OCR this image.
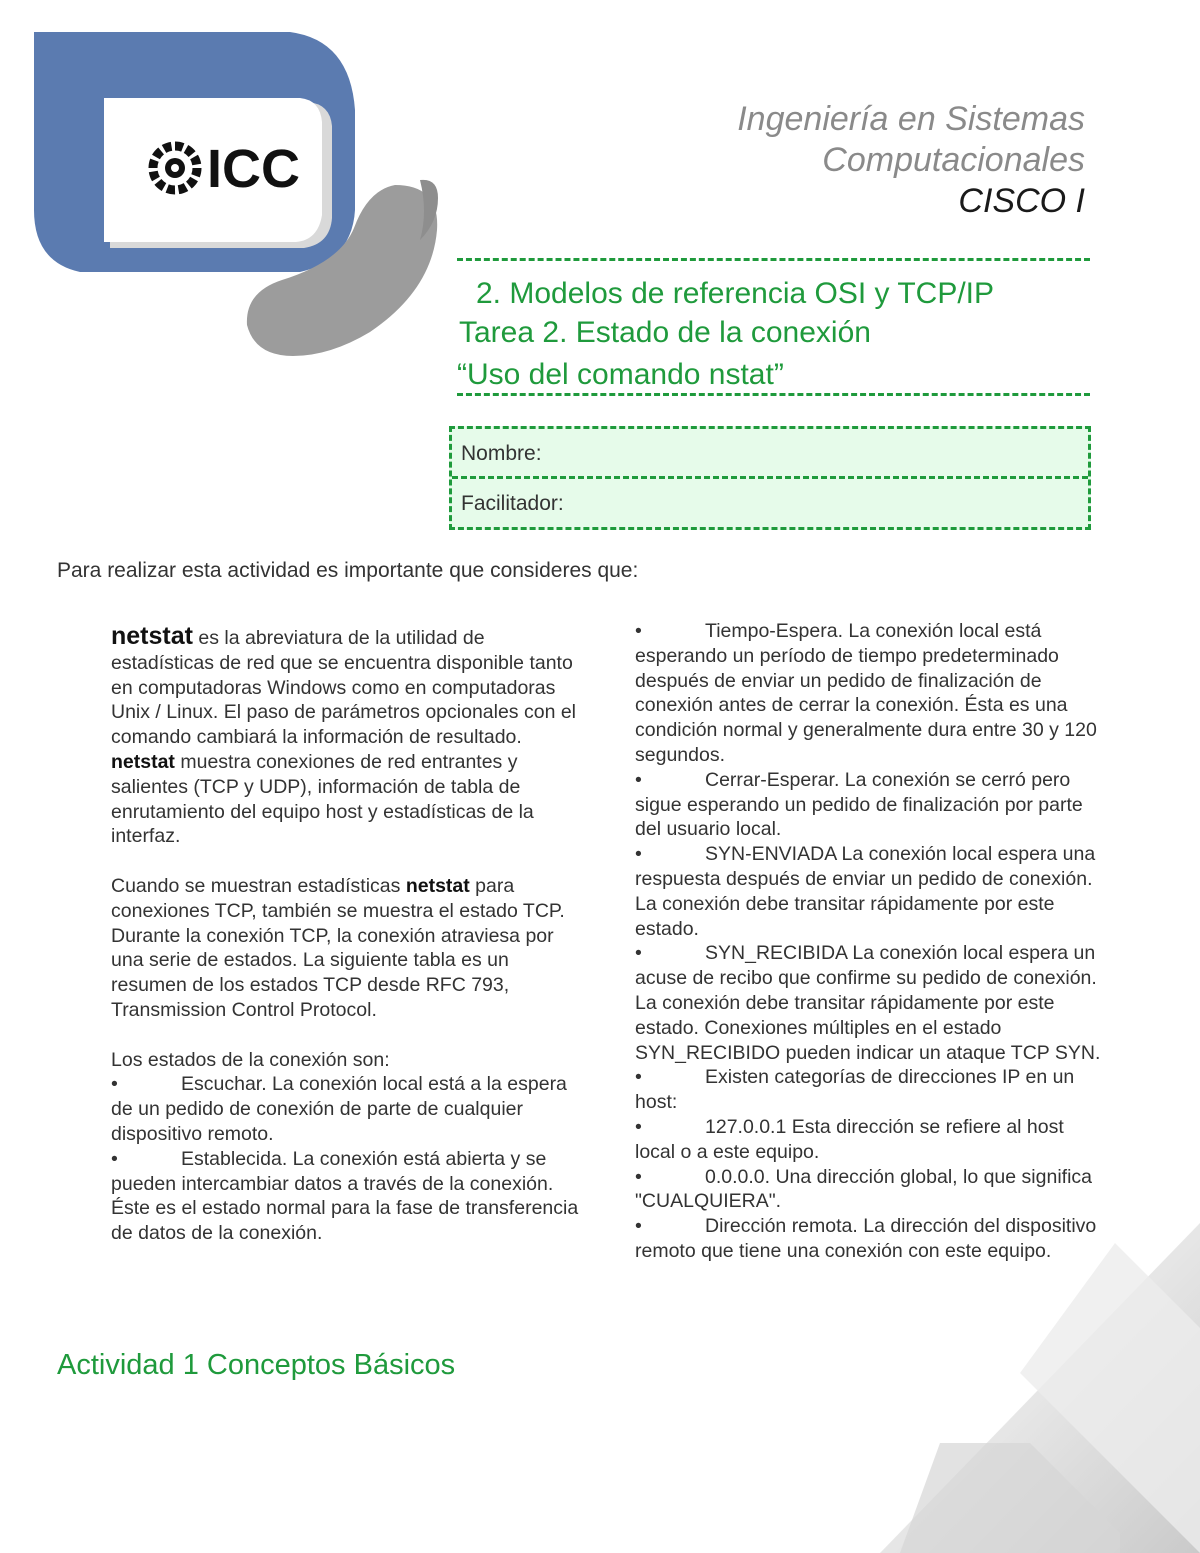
ICC
Ingeniería en Sistemas
Computacionales
CISCO I
2. Modelos de referencia OSI y TCP/IP
Tarea 2. Estado de la conexión
“Uso del comando nstat”
Nombre:
Facilitador:
Para realizar esta actividad es importante que consideres que:

netstat es la abreviatura de la utilidad de estadísticas de red que se encuentra disponible tanto en computadoras Windows como en computadoras Unix / Linux. El paso de parámetros opcionales con el comando cambiará la información de resultado. netstat muestra conexiones de red entrantes y salientes (TCP y UDP), información de tabla de enrutamiento del equipo host y estadísticas de la interfaz.

Cuando se muestran estadísticas netstat para conexiones TCP, también se muestra el estado TCP. Durante la conexión TCP, la conexión atraviesa por una serie de estados. La siguiente tabla es un resumen de los estados TCP desde RFC 793, Transmission Control Protocol.

Los estados de la conexión son:

•	Escuchar. La conexión local está a la espera de un pedido de conexión de parte de cualquier dispositivo remoto.

•	Establecida. La conexión está abierta y se pueden intercambiar datos a través de la conexión. Éste es el estado normal para la fase de transferencia de datos de la conexión.

•	Tiempo-Espera. La conexión local está esperando un período de tiempo predeterminado después de enviar un pedido de finalización de conexión antes de cerrar la conexión. Ésta es una condición normal y generalmente dura entre 30 y 120 segundos.

•	Cerrar-Esperar. La conexión se cerró pero sigue esperando un pedido de finalización por parte del usuario local.

•	SYN-ENVIADA La conexión local espera una respuesta después de enviar un pedido de conexión. La conexión debe transitar rápidamente por este estado.

•	SYN_RECIBIDA La conexión local espera un acuse de recibo que confirme su pedido de conexión. La conexión debe transitar rápidamente por este estado. Conexiones múltiples en el estado SYN_RECIBIDO pueden indicar un ataque TCP SYN.

•	Existen categorías de direcciones IP en un host:

•	127.0.0.1 Esta dirección se refiere al host local o a este equipo.

•	0.0.0.0. Una dirección global, lo que significa "CUALQUIERA".

•	Dirección remota. La dirección del dispositivo remoto que tiene una conexión con este equipo.

Actividad 1 Conceptos Básicos
